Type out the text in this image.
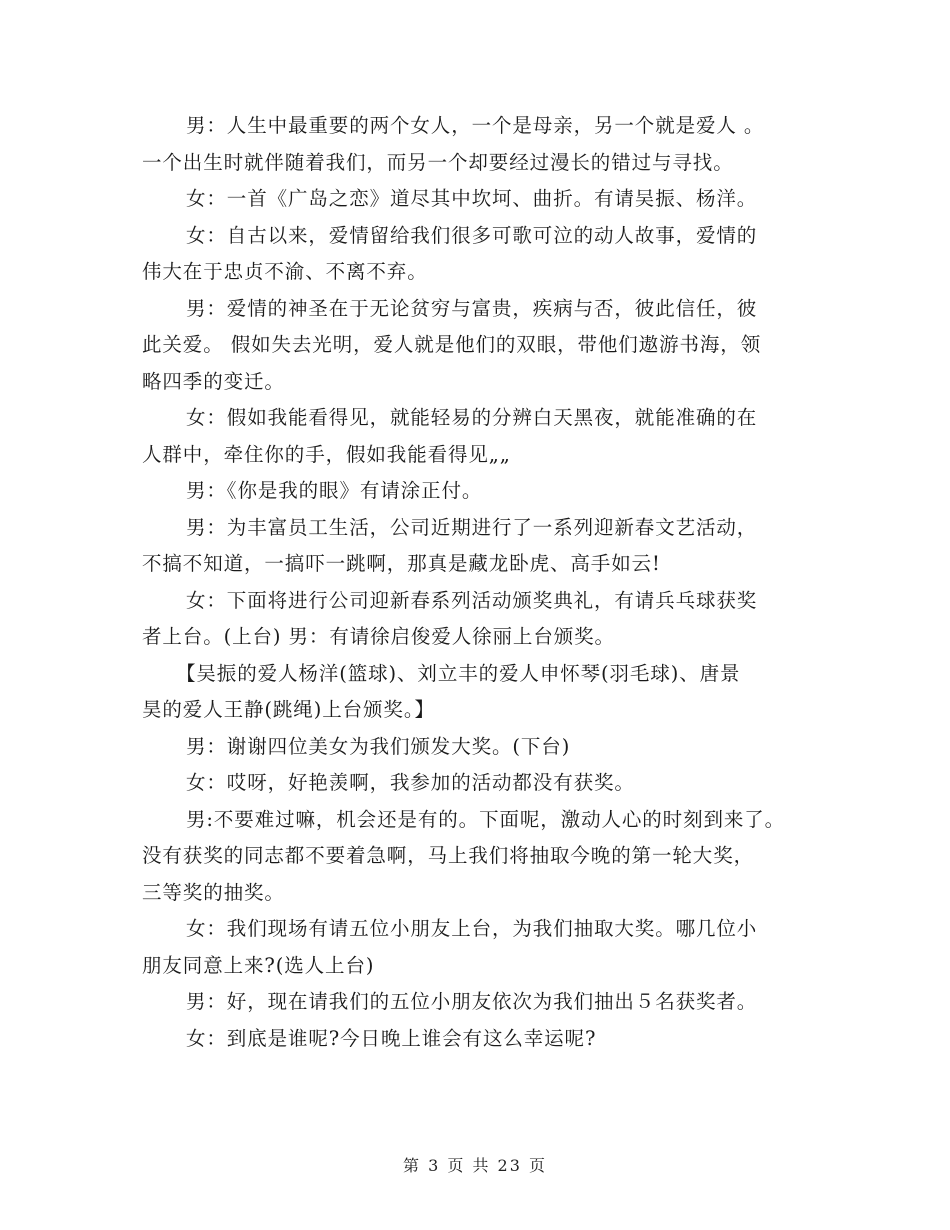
男：人生中最重要的两个女人，一个是母亲，另一个就是爱人 。
一个出生时就伴随着我们，而另一个却要经过漫长的错过与寻找。

女：一首《广岛之恋》道尽其中坎坷、曲折。有请吴振、杨洋。

女：自古以来，爱情留给我们很多可歌可泣的动人故事，爱情的
伟大在于忠贞不渝、不离不弃。

男：爱情的神圣在于无论贫穷与富贵，疾病与否，彼此信任，彼
此关爱。 假如失去光明，爱人就是他们的双眼，带他们遨游书海，领
略四季的变迁。

女：假如我能看得见，就能轻易的分辨白天黑夜，就能准确的在
人群中，牵住你的手，假如我能看得见„„

男：《你是我的眼》有请涂正付。

男：为丰富员工生活，公司近期进行了一系列迎新春文艺活动，
不搞不知道，一搞吓一跳啊，那真是藏龙卧虎、高手如云!

女：下面将进行公司迎新春系列活动颁奖典礼，有请兵乓球获奖
者上台。(上台) 男：有请徐启俊爱人徐丽上台颁奖。

【吴振的爱人杨洋(篮球)、刘立丰的爱人申怀琴(羽毛球)、唐景
昊的爱人王静(跳绳)上台颁奖。】

男：谢谢四位美女为我们颁发大奖。(下台)

女：哎呀，好艳羡啊，我参加的活动都没有获奖。

男:不要难过嘛，机会还是有的。下面呢，激动人心的时刻到来了。
没有获奖的同志都不要着急啊，马上我们将抽取今晚的第一轮大奖，
三等奖的抽奖。

女：我们现场有请五位小朋友上台，为我们抽取大奖。哪几位小
朋友同意上来?(选人上台)

男：好，现在请我们的五位小朋友依次为我们抽出５名获奖者。

女：到底是谁呢?今日晚上谁会有这么幸运呢?

第 3 页 共 23 页
